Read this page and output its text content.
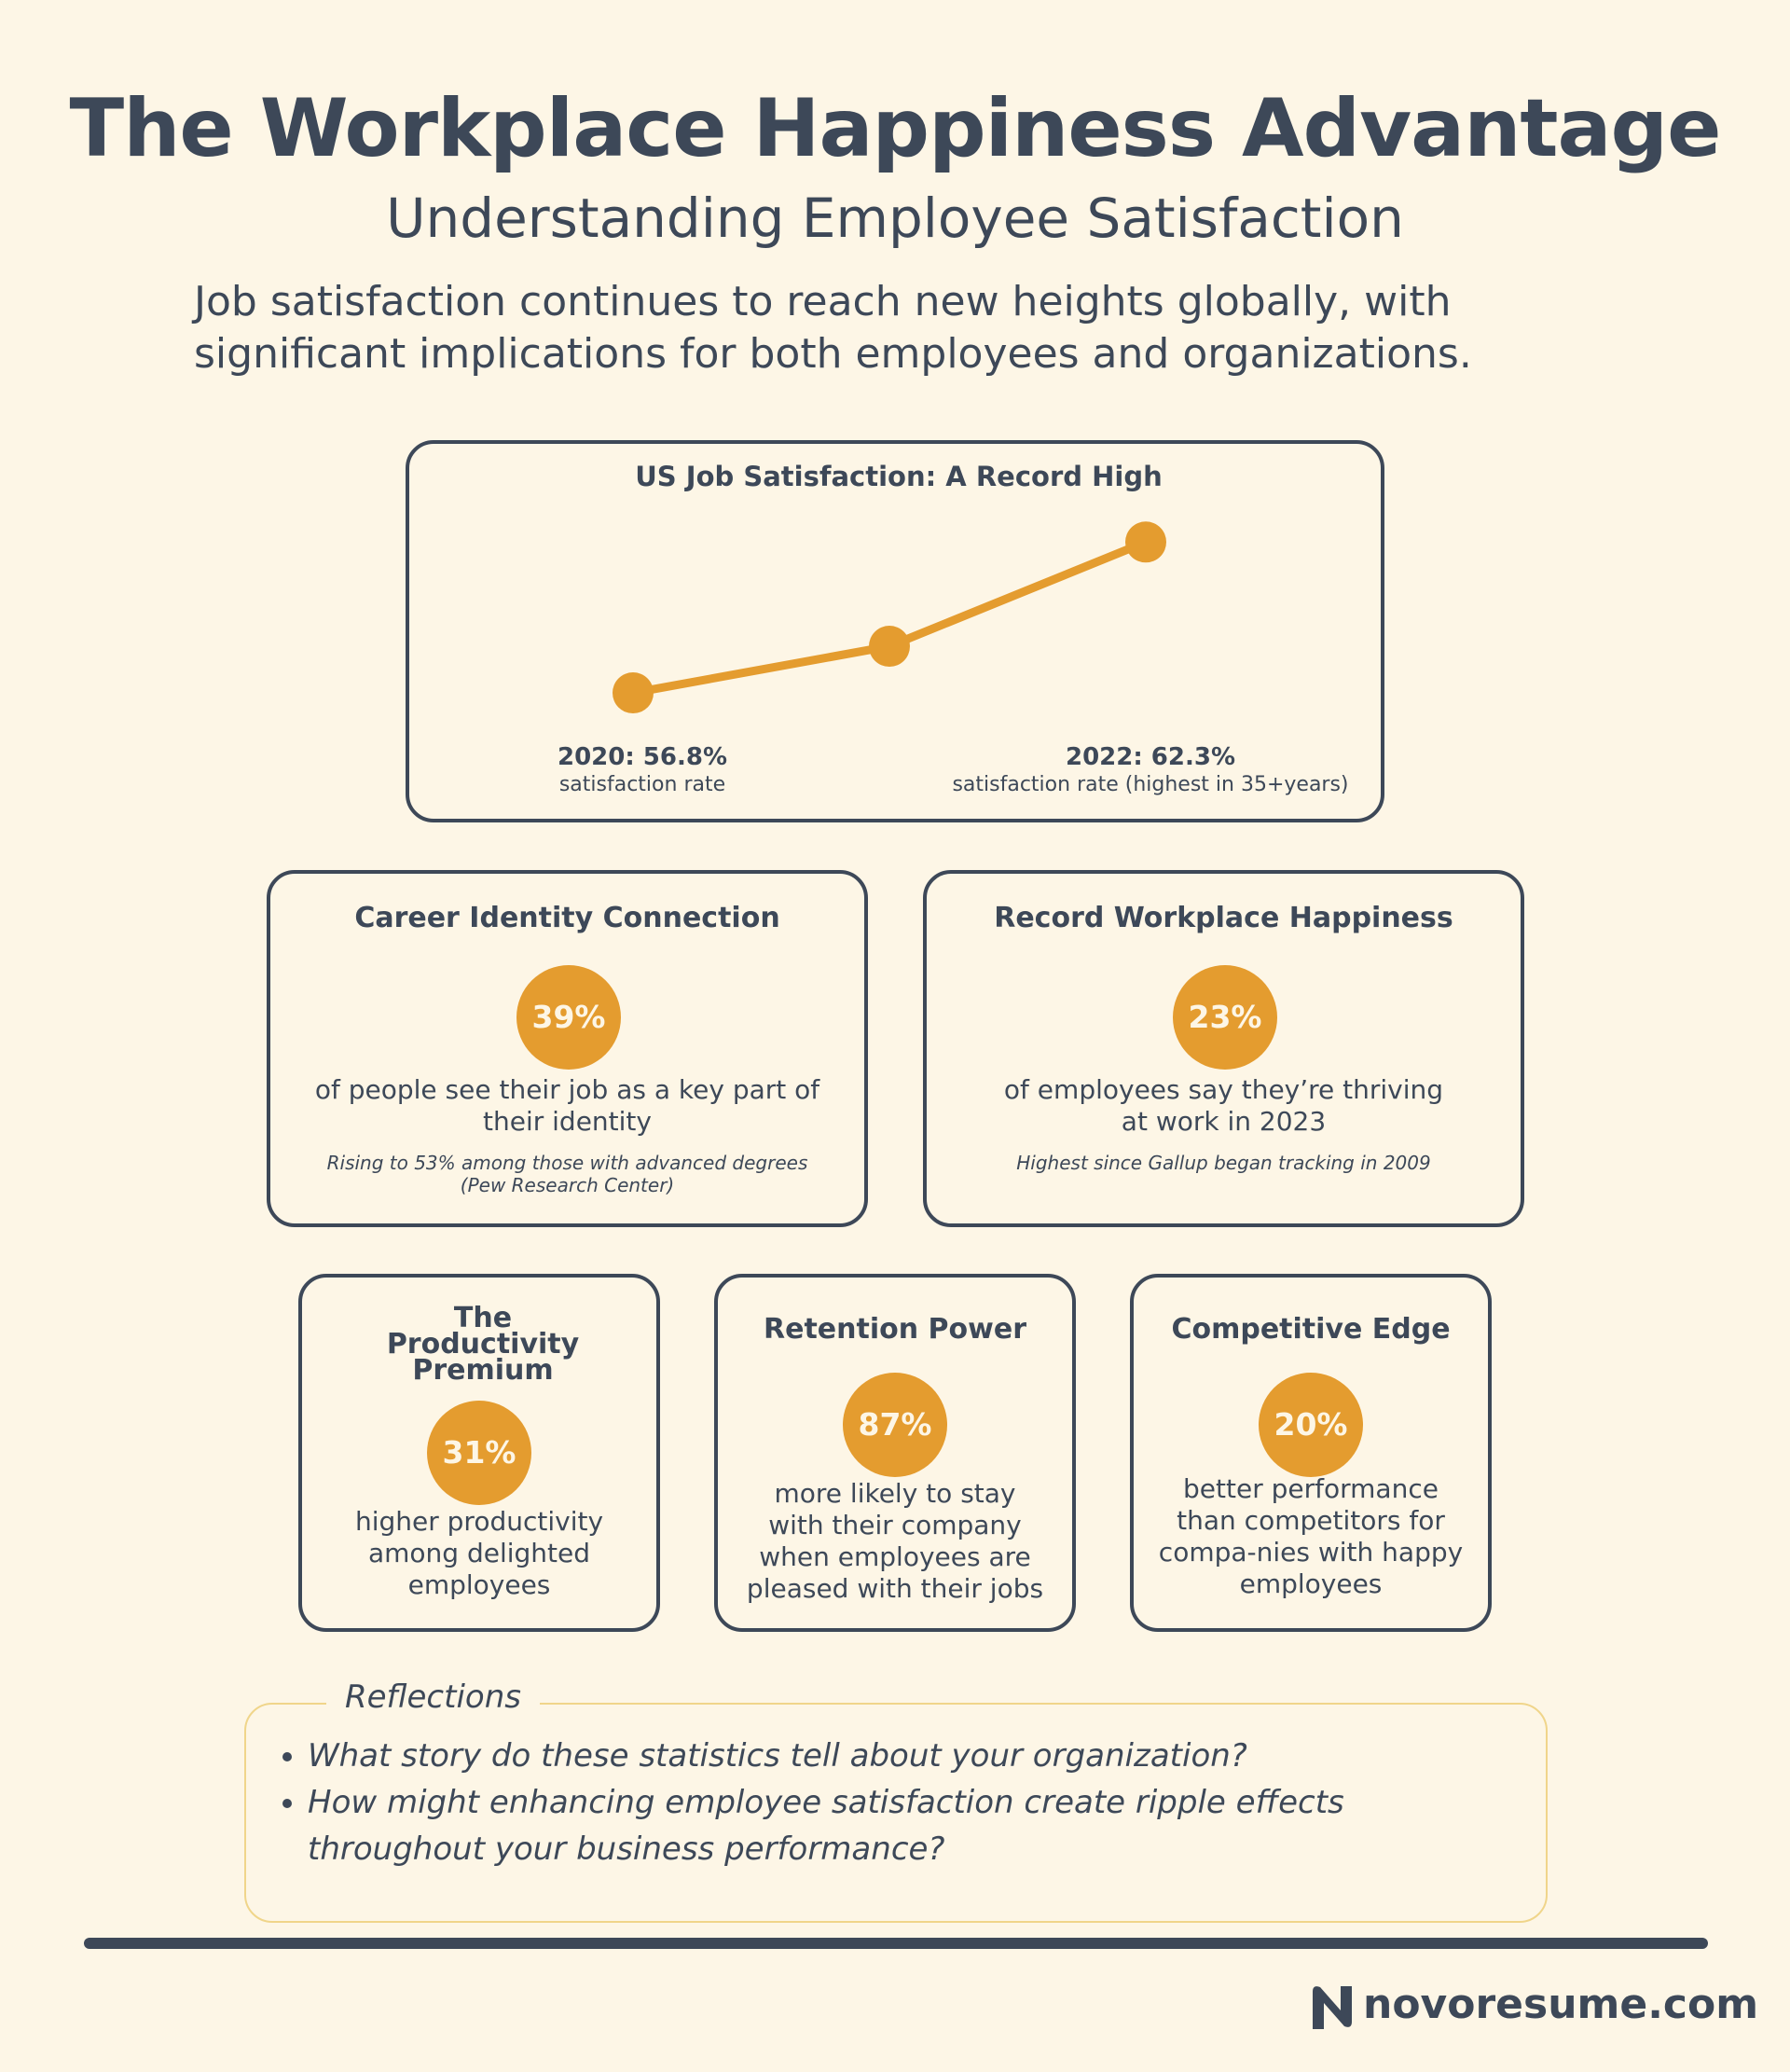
The Workplace Happiness Advantage
Understanding Employee Satisfaction
Job satisfaction continues to reach new heights globally, with significant implications for both employees and organizations.
US Job Satisfaction: A Record High
2020: 56.8%
satisfaction rate
2022: 62.3%
satisfaction rate (highest in 35+years)
Career Identity Connection
39%
of people see their job as a key part of their identity
Rising to 53% among those with advanced degrees (Pew Research Center)
Record Workplace Happiness
23%
of employees say they’re thriving at work in 2023
Highest since Gallup began tracking in 2009
The Productivity Premium
31%
higher productivity among delighted employees
Retention Power
87%
more likely to stay with their company when employees are pleased with their jobs
Competitive Edge
20%
better performance than competitors for compa-nies with happy employees
• What story do these statistics tell about your organization?
• How might enhancing employee satisfaction create ripple effects throughout your business performance?
Reflections
novoresume.com
